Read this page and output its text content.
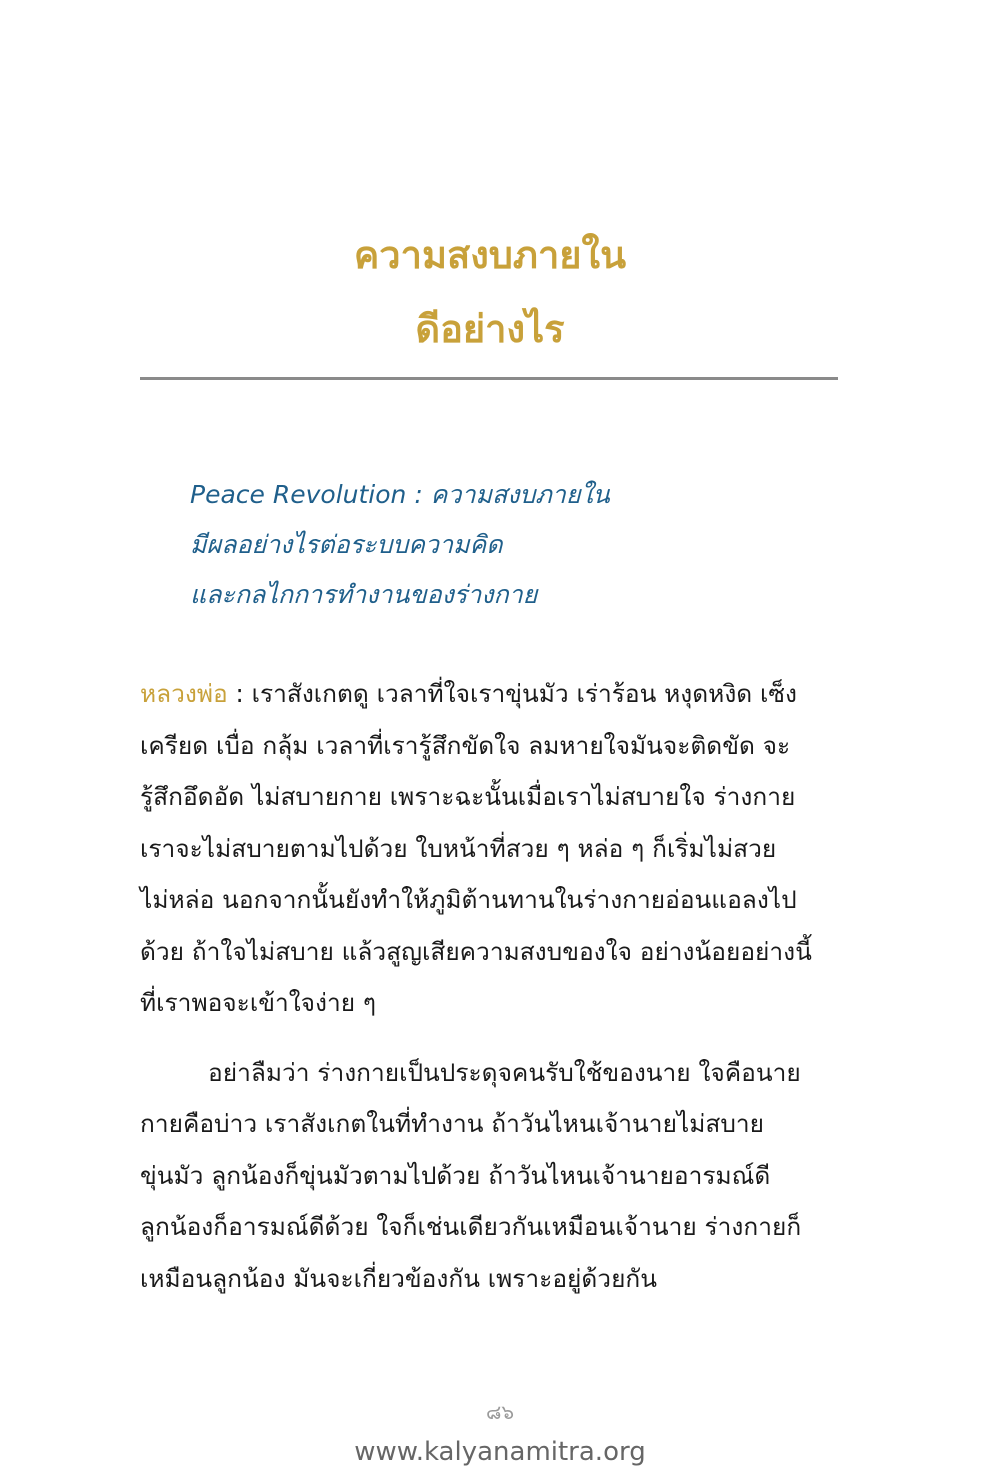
ความสงบภายใน
ดีอย่างไร
Peace Revolution : ความสงบภายใน
มีผลอย่างไรต่อระบบความคิด
และกลไกการทำงานของร่างกาย
หลวงพ่อ : เราสังเกตดู เวลาที่ใจเราขุ่นมัว เร่าร้อน หงุดหงิด เซ็ง
เครียด เบื่อ กลุ้ม เวลาที่เรารู้สึกขัดใจ ลมหายใจมันจะติดขัด จะ
รู้สึกอึดอัด ไม่สบายกาย เพราะฉะนั้นเมื่อเราไม่สบายใจ ร่างกาย
เราจะไม่สบายตามไปด้วย ใบหน้าที่สวย ๆ หล่อ ๆ ก็เริ่มไม่สวย
ไม่หล่อ นอกจากนั้นยังทำให้ภูมิต้านทานในร่างกายอ่อนแอลงไป
ด้วย ถ้าใจไม่สบาย แล้วสูญเสียความสงบของใจ อย่างน้อยอย่างนี้
ที่เราพอจะเข้าใจง่าย ๆ
อย่าลืมว่า ร่างกายเป็นประดุจคนรับใช้ของนาย ใจคือนาย
กายคือบ่าว เราสังเกตในที่ทำงาน ถ้าวันไหนเจ้านายไม่สบาย
ขุ่นมัว ลูกน้องก็ขุ่นมัวตามไปด้วย ถ้าวันไหนเจ้านายอารมณ์ดี
ลูกน้องก็อารมณ์ดีด้วย ใจก็เช่นเดียวกันเหมือนเจ้านาย ร่างกายก็
เหมือนลูกน้อง มันจะเกี่ยวข้องกัน เพราะอยู่ด้วยกัน
๘๖
www.kalyanamitra.org
